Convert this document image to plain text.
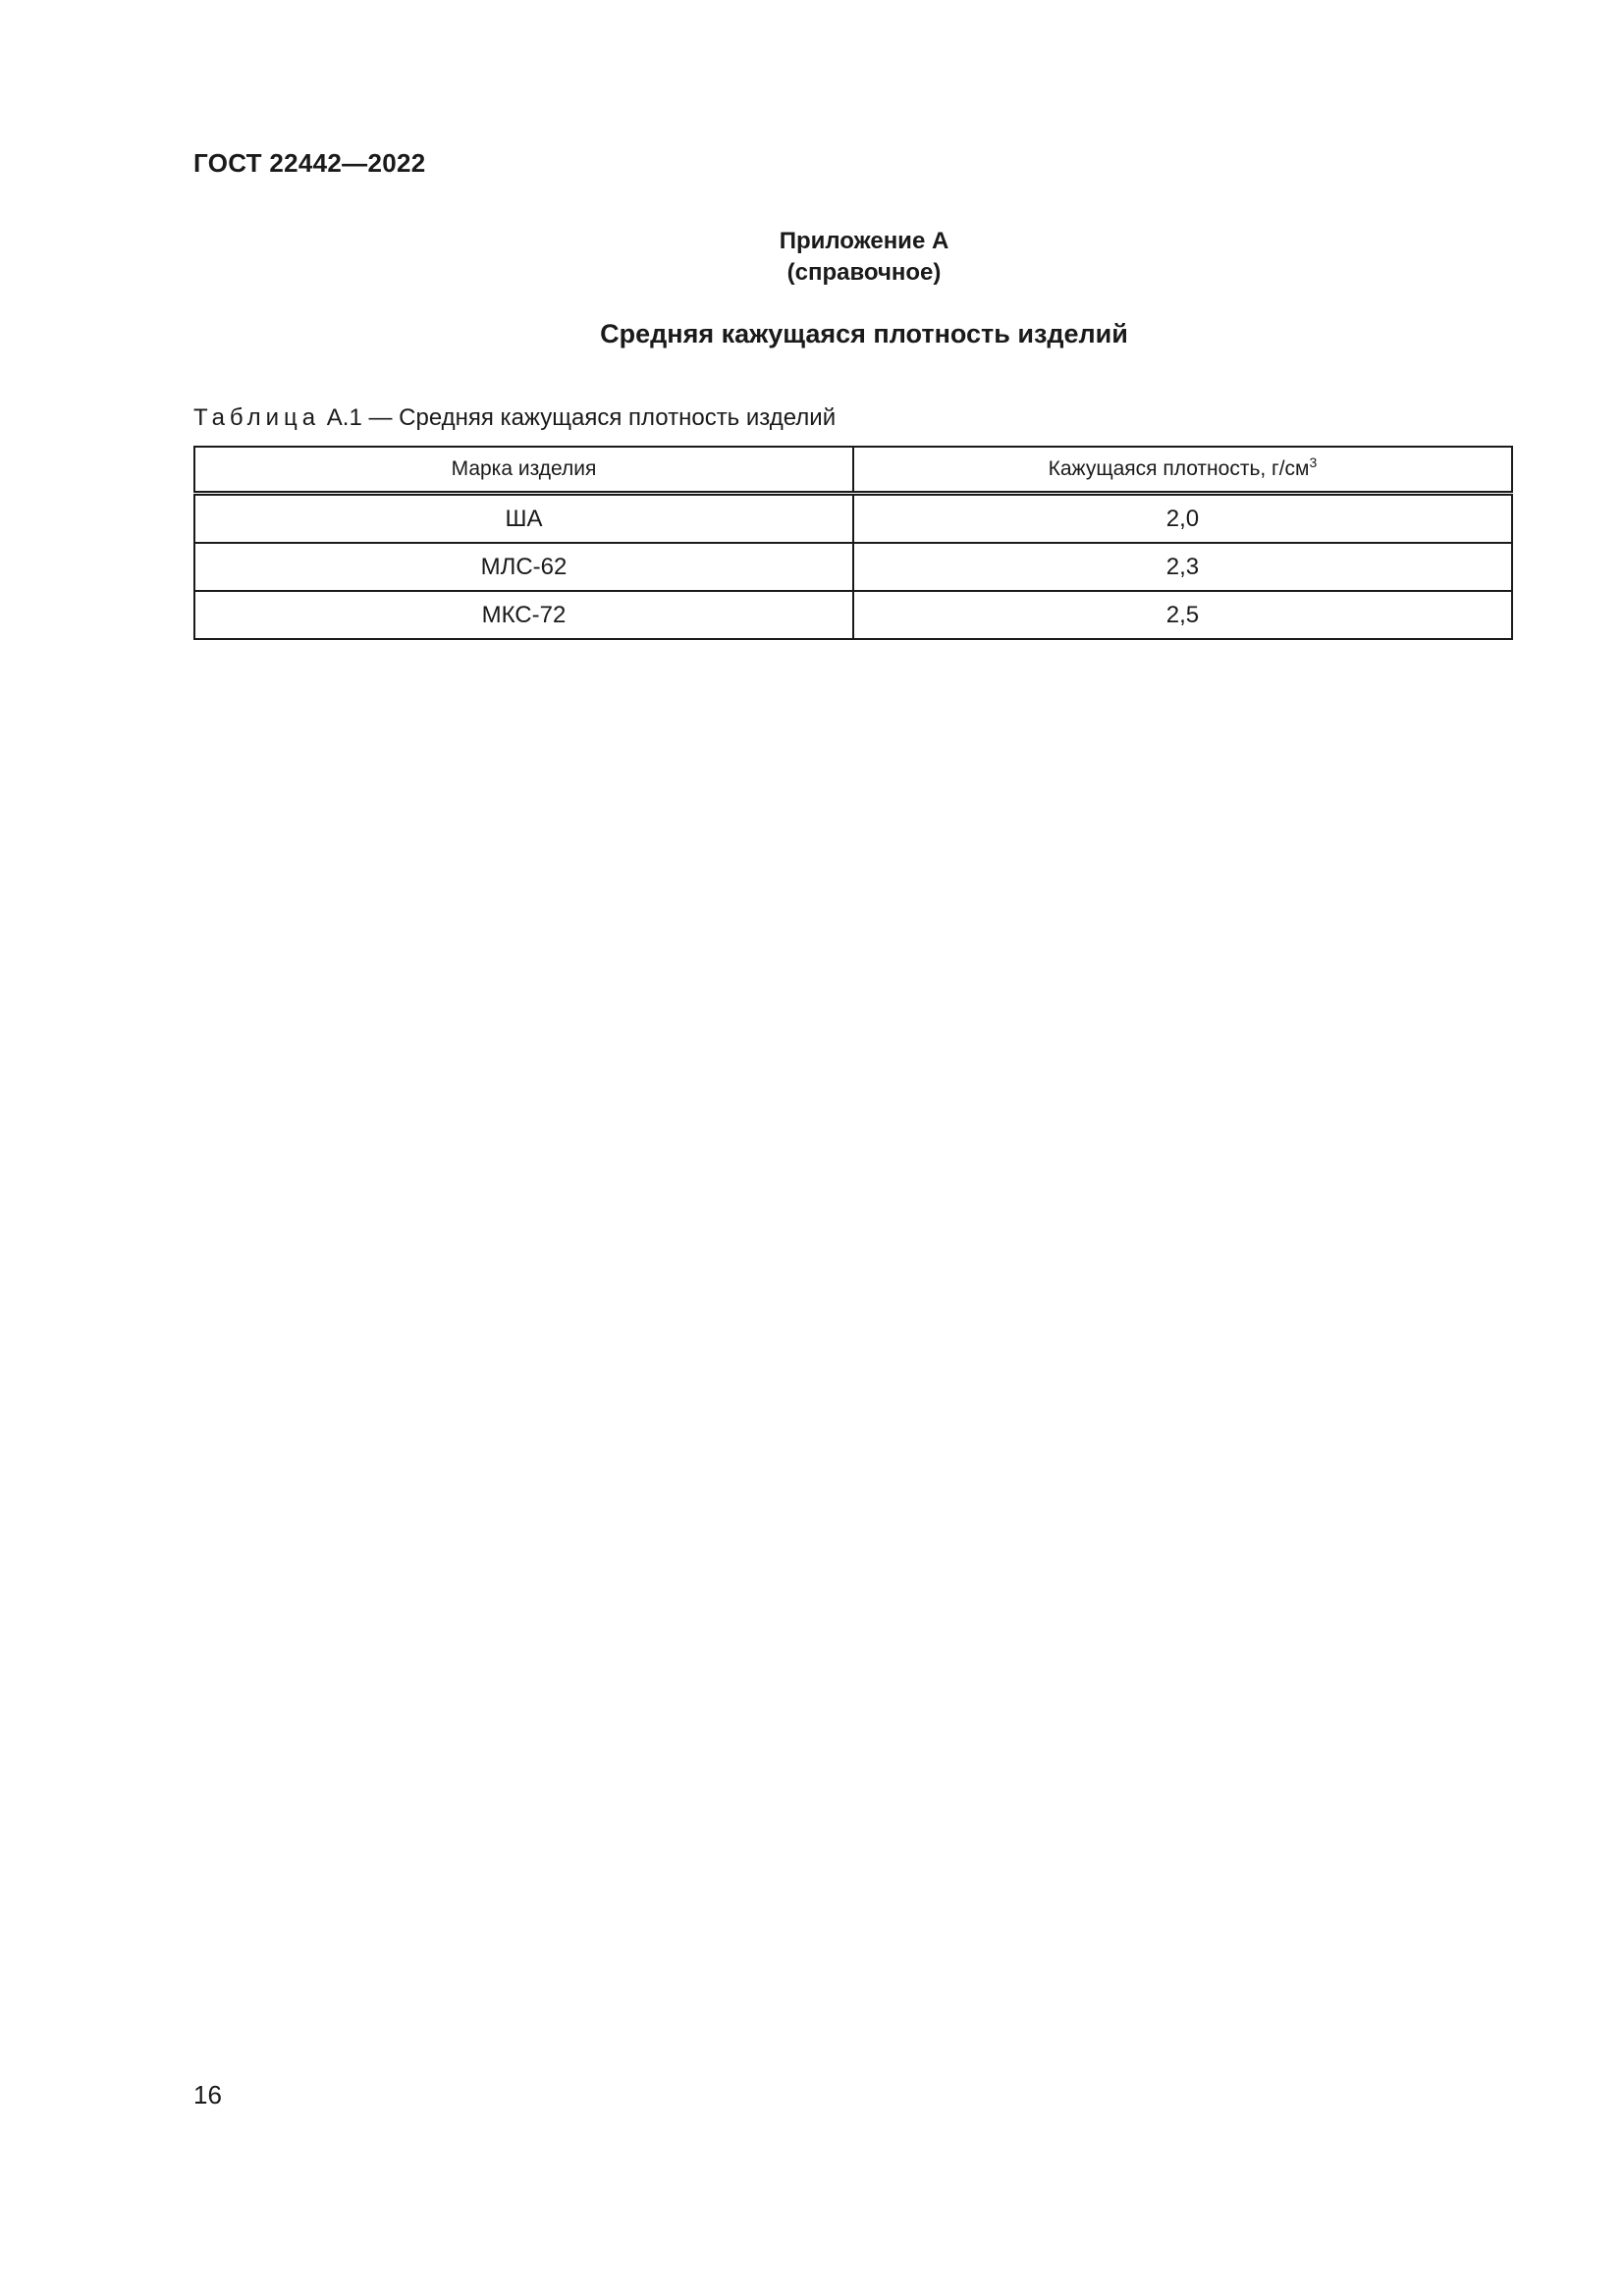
ГОСТ 22442—2022
Приложение А
(справочное)
Средняя кажущаяся плотность изделий
Таблица А.1 — Средняя кажущаяся плотность изделий
Марка изделия	Кажущаяся плотность, $г/см^3$
ША	2,0
МЛС-62	2,3
МКС-72	2,5
16
